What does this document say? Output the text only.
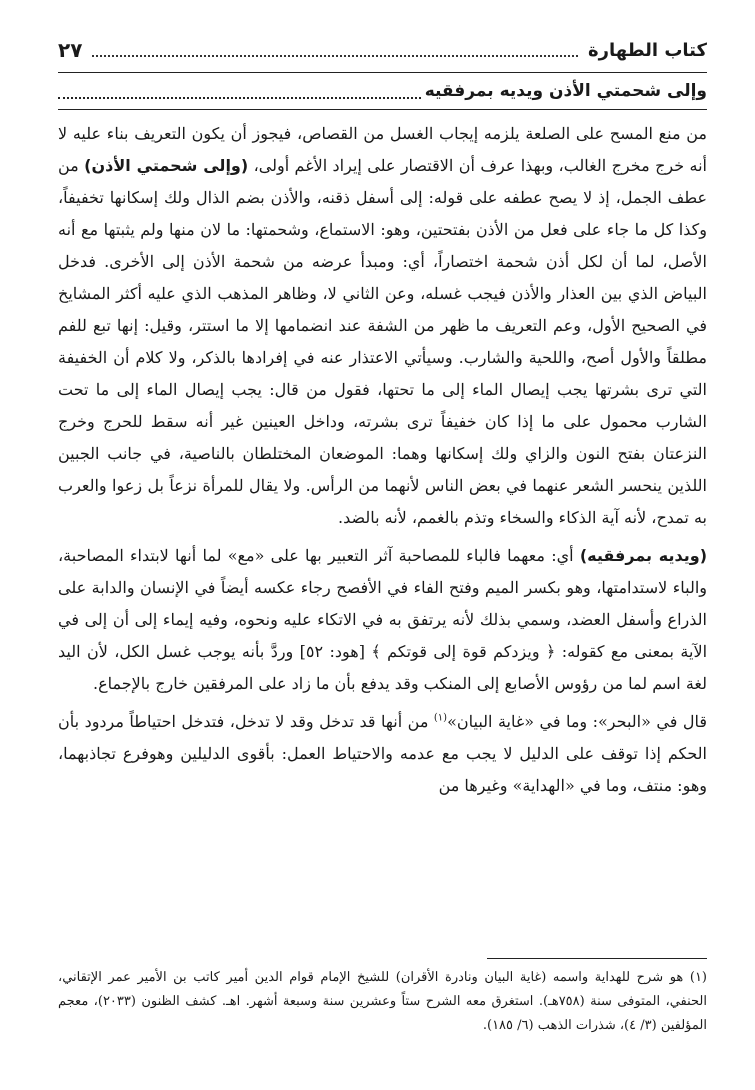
كتاب الطهارة
٢٧
وإلى شحمتي الأذن ويديه بمرفقيه

من منع المسح على الصلعة يلزمه إيجاب الغسل من القصاص، فيجوز أن يكون التعريف بناء عليه لا أنه خرج مخرج الغالب، وبهذا عرف أن الاقتصار على إيراد الأغم أولى، (وإلى شحمتي الأذن) من عطف الجمل، إذ لا يصح عطفه على قوله: إلى أسفل ذقنه، والأذن بضم الذال ولك إسكانها تخفيفاً، وكذا كل ما جاء على فعل من الأذن بفتحتين، وهو: الاستماع، وشحمتها: ما لان منها ولم يثبتها مع أنه الأصل، لما أن لكل أذن شحمة اختصاراً، أي: ومبدأ عرضه من شحمة الأذن إلى الأخرى. فدخل البياض الذي بين العذار والأذن فيجب غسله، وعن الثاني لا، وظاهر المذهب الذي عليه أكثر المشايخ في الصحيح الأول، وعم التعريف ما ظهر من الشفة عند انضمامها إلا ما استتر، وقيل: إنها تبع للفم مطلقاً والأول أصح، واللحية والشارب. وسيأتي الاعتذار عنه في إفرادها بالذكر، ولا كلام أن الخفيفة التي ترى بشرتها يجب إيصال الماء إلى ما تحتها، فقول من قال: يجب إيصال الماء إلى ما تحت الشارب محمول على ما إذا كان خفيفاً ترى بشرته، وداخل العينين غير أنه سقط للحرج وخرج النزعتان بفتح النون والزاي ولك إسكانها وهما: الموضعان المختلطان بالناصية، في جانب الجبين اللذين ينحسر الشعر عنهما في بعض الناس لأنهما من الرأس. ولا يقال للمرأة نزعاً بل زعوا والعرب به تمدح، لأنه آية الذكاء والسخاء وتذم بالغمم، لأنه بالضد.

(ويديه بمرفقيه) أي: معهما فالباء للمصاحبة آثر التعبير بها على «مع» لما أنها لابتداء المصاحبة، والباء لاستدامتها، وهو بكسر الميم وفتح الفاء في الأفصح رجاء عكسه أيضاً في الإنسان والدابة على الذراع وأسفل العضد، وسمي بذلك لأنه يرتفق به في الاتكاء عليه ونحوه، وفيه إيماء إلى أن إلى في الآية بمعنى مع كقوله: ﴿ ويزدكم قوة إلى قوتكم ﴾ [هود: ٥٢] وردَّ بأنه يوجب غسل الكل، لأن اليد لغة اسم لما من رؤوس الأصابع إلى المنكب وقد يدفع بأن ما زاد على المرفقين خارج بالإجماع.

قال في «البحر»: وما في «غاية البيان»$^{(١)}$ من أنها قد تدخل وقد لا تدخل، فتدخل احتياطاً مردود بأن الحكم إذا توقف على الدليل لا يجب مع عدمه والاحتياط العمل: بأقوى الدليلين وهوفرع تجاذبهما، وهو: منتف، وما في «الهداية» وغيرها من

(١) هو شرح للهداية واسمه (غاية البيان ونادرة الأقران) للشيخ الإمام قوام الدين أمير كاتب بن الأمير عمر الإتقاني، الحنفي، المتوفى سنة (٧٥٨هـ). استغرق معه الشرح ستاً وعشرين سنة وسبعة أشهر. اهـ. كشف الظنون (٢٠٣٣)، معجم المؤلفين (٣/ ٤)، شذرات الذهب (٦/ ١٨٥).
